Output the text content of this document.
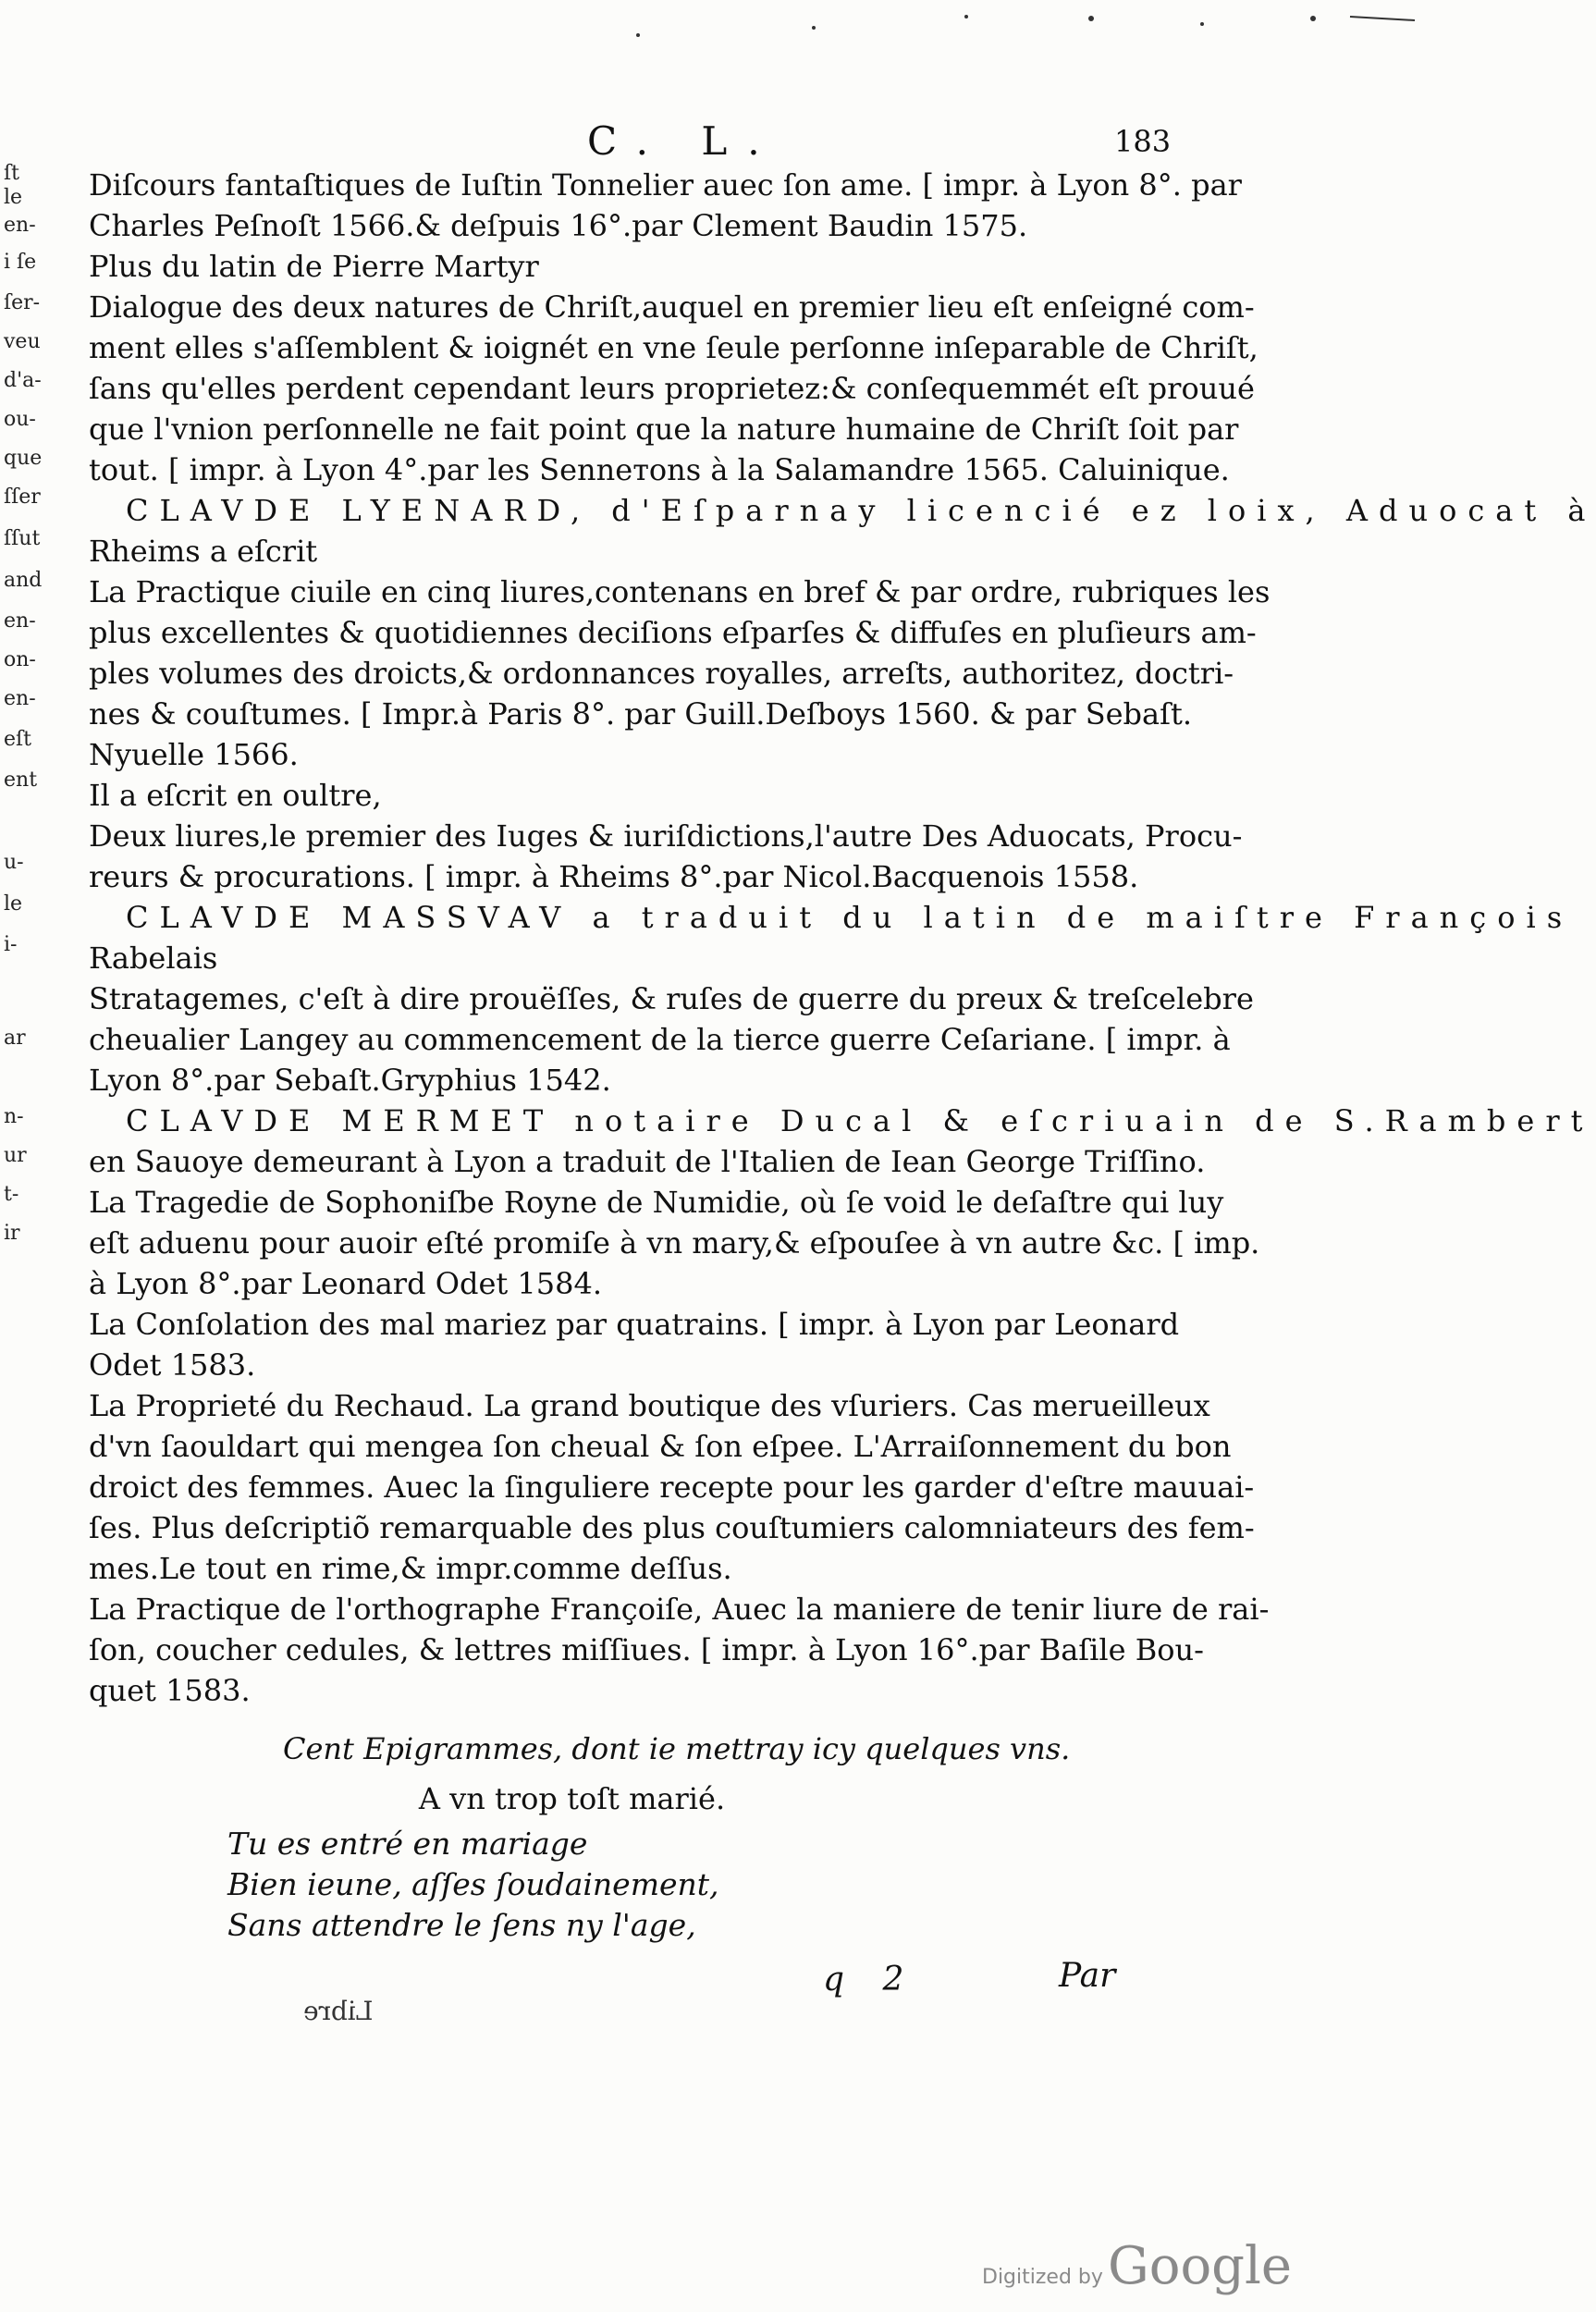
ſt le
en-
i ſe
ſer-
veu
d'a-
ou-
que
ſſer
ſſut
and
en-
on-
en-
eſt
ent
u-
le
i-
ar
n-
ur
t-
ir
C. L.	183
Diſcours fantaſtiques de Iuſtin Tonnelier auec ſon ame. [ impr. à Lyon 8°. par
Charles Peſnoſt 1566.& deſpuis 16°.par Clement Baudin 1575.
Plus du latin de Pierre Martyr
Dialogue des deux natures de Chriſt,auquel en premier lieu eſt enſeigné com-
ment elles s'aſſemblent & ioignét en vne ſeule perſonne inſeparable de Chriſt,
ſans qu'elles perdent cependant leurs proprietez:& conſequemmét eſt prouué
que l'vnion perſonnelle ne fait point que la nature humaine de Chriſt ſoit par
tout. [ impr. à Lyon 4°.par les Senneтons à la Salamandre 1565. Caluinique.
CLAVDE LYENARD, d'Eſparnay licencié ez loix, Aduocat à
Rheims a eſcrit
La Practique ciuile en cinq liures,contenans en bref & par ordre, rubriques les
plus excellentes & quotidiennes deciſions eſparſes & diffuſes en pluſieurs am-
ples volumes des droicts,& ordonnances royalles, arreſts, authoritez, doctri-
nes & couſtumes. [ Impr.à Paris 8°. par Guill.Deſboys 1560. & par Sebaſt.
Nyuelle 1566.
Il a eſcrit en oultre,
Deux liures,le premier des Iuges & iuriſdictions,l'autre Des Aduocats, Procu-
reurs & procurations. [ impr. à Rheims 8°.par Nicol.Bacquenois 1558.
CLAVDE MASSVAV a traduit du latin de maiſtre François
Rabelais
Stratagemes, c'eſt à dire prouëſſes, & ruſes de guerre du preux & treſcelebre
cheualier Langey au commencement de la tierce guerre Ceſariane. [ impr. à
Lyon 8°.par Sebaſt.Gryphius 1542.
CLAVDE MERMET notaire Ducal & eſcriuain de S.Rambert
en Sauoye demeurant à Lyon a traduit de l'Italien de Iean George Triſſino.
La Tragedie de Sophoniſbe Royne de Numidie, où ſe void le deſaſtre qui luy
eſt aduenu pour auoir eſté promiſe à vn mary,& eſpouſee à vn autre &c. [ imp.
à Lyon 8°.par Leonard Odet 1584.
La Conſolation des mal mariez par quatrains. [ impr. à Lyon par Leonard
Odet 1583.
La Proprieté du Rechaud. La grand boutique des vſuriers. Cas merueilleux
d'vn ſaouldart qui mengea ſon cheual & ſon eſpee. L'Arraiſonnement du bon
droict des femmes. Auec la ſinguliere recepte pour les garder d'eſtre mauuai-
ſes. Plus deſcriptiõ remarquable des plus couſtumiers calomniateurs des fem-
mes.Le tout en rime,& impr.comme deſſus.
La Practique de l'orthographe Françoiſe, Auec la maniere de tenir liure de rai-
ſon, coucher cedules, & lettres miſſiues. [ impr. à Lyon 16°.par Baſile Bou-
quet 1583.
Cent Epigrammes, dont ie mettray icy quelques vns.
A vn trop toſt marié.
Tu es entré en mariage
Bien ieune, aſſes ſoudainement,
Sans attendre le ſens ny l'age,
q 2	Par
Libre
Digitized by Google
